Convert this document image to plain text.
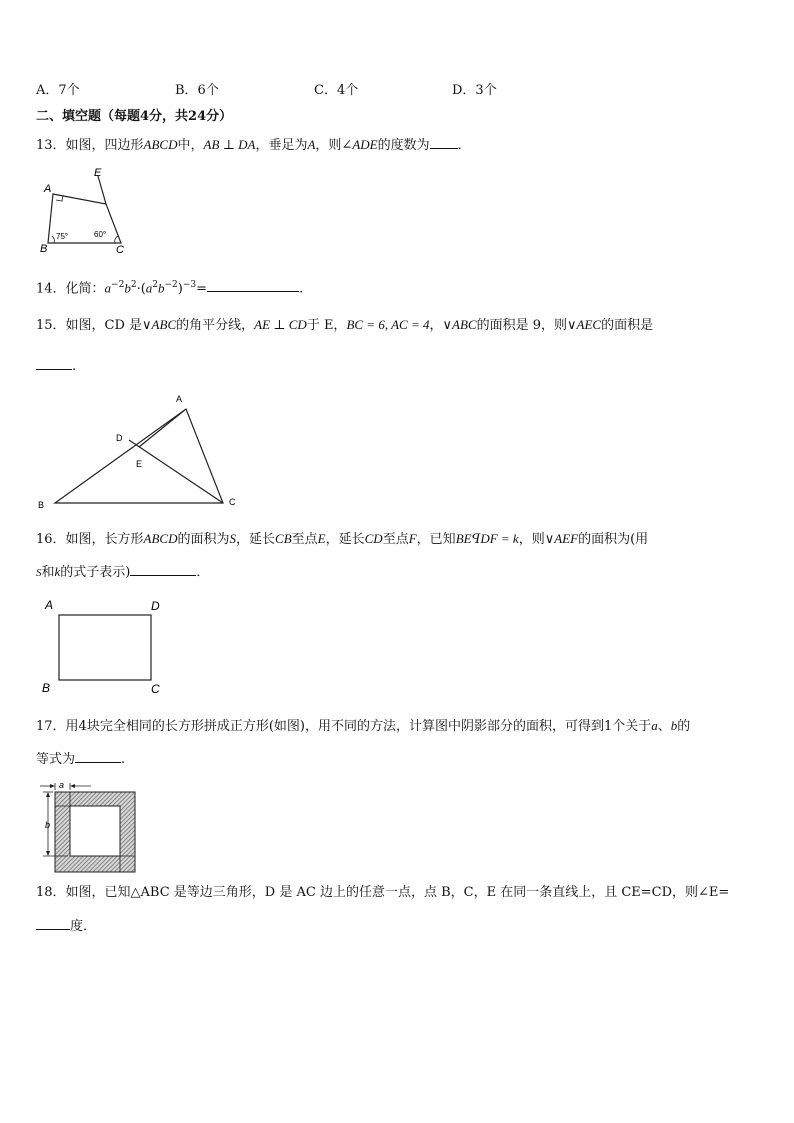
A．7个	B．6个	C．4个	D．3个
二、填空题（每题4分，共24分）
13．如图，四边形ABCD中，AB ⊥ DA，垂足为A，则∠ADE的度数为 ．
A
E
B	C
75°	60°
14．化简：$a^{-2}b^2\cdot(a^2b^{-2})^{-3}=$	.
15．如图，CD 是∨ABC的角平分线，AE ⊥ CD于 E，BC = 6, AC = 4，∨ABC的面积是 9，则∨AEC的面积是
.
A
D
E
B	C
16．如图，长方形ABCD的面积为S，延长CB至点E，延长CD至点F，已知BEꟼDF = k，则∨AEF的面积为(用
S和k的式子表示)	．
A	D
B	C
17．用4块完全相同的长方形拼成正方形(如图)，用不同的方法，计算图中阴影部分的面积，可得到1个关于a、b的
等式为	.
a
b
18．如图，已知△ABC 是等边三角形，D 是 AC 边上的任意一点，点 B，C，E 在同一条直线上，且 CE=CD，则∠E=
度．
